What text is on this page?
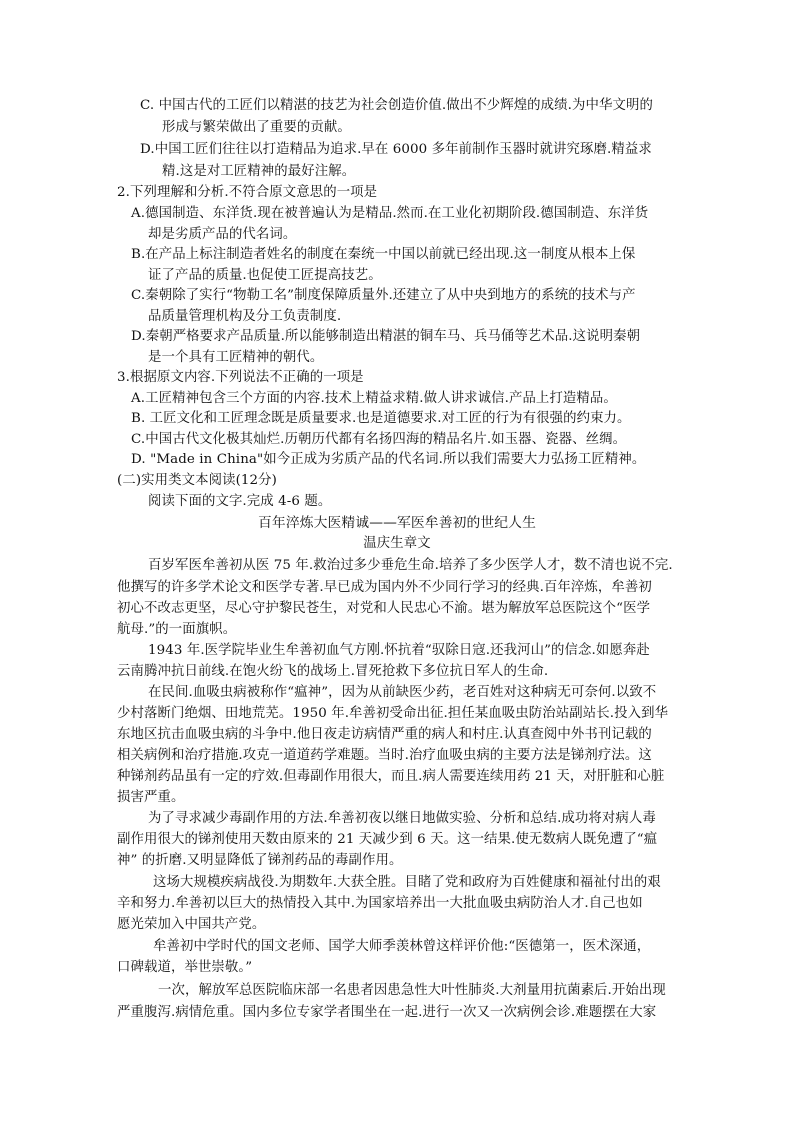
C. 中国古代的工匠们以精湛的技艺为社会创造价值.做出不少辉煌的成绩.为中华文明的
形成与繁荣做出了重要的贡献。
D.中国工匠们往往以打造精品为追求.早在 6000 多年前制作玉器时就讲究琢磨.精益求
精.这是对工匠精神的最好注解。
2.下列理解和分析.不符合原文意思的一项是
A.德国制造、东洋货.现在被普遍认为是精品.然而.在工业化初期阶段.德国制造、东洋货
却是劣质产品的代名词。
B.在产品上标注制造者姓名的制度在秦统一中国以前就已经出现.这一制度从根本上保
证了产品的质量.也促使工匠提高技艺。
C.秦朝除了实行“物勒工名”制度保障质量外.还建立了从中央到地方的系统的技术与产
品质量管理机构及分工负责制度.
D.秦朝严格要求产品质量.所以能够制造出精湛的铜车马、兵马俑等艺术品.这说明秦朝
是一个具有工匠精神的朝代。
3.根据原文内容.下列说法不正确的一项是
A.工匠精神包含三个方面的内容.技术上精益求精.做人讲求诚信.产品上打造精品。
B. 工匠文化和工匠理念既是质量要求.也是道德要求.对工匠的行为有很强的约束力。
C.中国古代文化极其灿烂.历朝历代都有名扬四海的精品名片.如玉器、瓷器、丝绸。
D. "Made in China"如今正成为劣质产品的代名词.所以我们需要大力弘扬工匠精神。
(二)实用类文本阅读(12分)
阅读下面的文字.完成 4-6 题。
百年淬炼大医精诚——军医牟善初的世纪人生
温庆生章文
百岁军医牟善初从医 75 年.救治过多少垂危生命.培养了多少医学人才，数不清也说不完.
他撰写的许多学术论文和医学专著.早已成为国内外不少同行学习的经典.百年淬炼，牟善初
初心不改志更坚，尽心守护黎民苍生，对党和人民忠心不渝。堪为解放军总医院这个“医学
航母.”的一面旗帜。
1943 年.医学院毕业生牟善初血气方刚.怀抗着“驭除日寇.还我河山”的信念.如愿奔赴
云南腾冲抗日前线.在饱火纷飞的战场上.冒死抢救下多位抗日军人的生命.
在民间.血吸虫病被称作“瘟神”，因为从前缺医少药，老百姓对这种病无可奈何.以致不
少村落断门绝烟、田地荒芜。1950 年.牟善初受命出征.担任某血吸虫防治站副站长.投入到华
东地区抗击血吸虫病的斗争中.他日夜走访病情严重的病人和村庄.认真查阅中外书刊记载的
相关病例和治疗措施.攻克一道道药学难题。当时.治疗血吸虫病的主要方法是锑剂疗法。这
种锑剂药品虽有一定的疗效.但毒副作用很大，而且.病人需要连续用药 21 天，对肝脏和心脏
损害严重。
为了寻求减少毒副作用的方法.牟善初夜以继日地做实验、分析和总结.成功将对病人毒
副作用很大的锑剂使用天数由原来的 21 天减少到 6 天。这一结果.使无数病人既免遭了“瘟
神” 的折磨.又明显降低了锑剂药品的毒副作用。
这场大规模疾病战役.为期数年.大获全胜。目睹了党和政府为百姓健康和福祉付出的艰
辛和努力.牟善初以巨大的热情投入其中.为国家培养出一大批血吸虫病防治人才.自己也如
愿光荣加入中国共产党。
牟善初中学时代的国文老师、国学大师季羡林曾这样评价他:“医德第一，医术深通，
口碑载道，举世崇敬。”
一次，解放军总医院临床部一名患者因患急性大叶性肺炎.大剂量用抗菌素后.开始出现
严重腹泻.病情危重。国内多位专家学者围坐在一起.进行一次又一次病例会诊.难题摆在大家
